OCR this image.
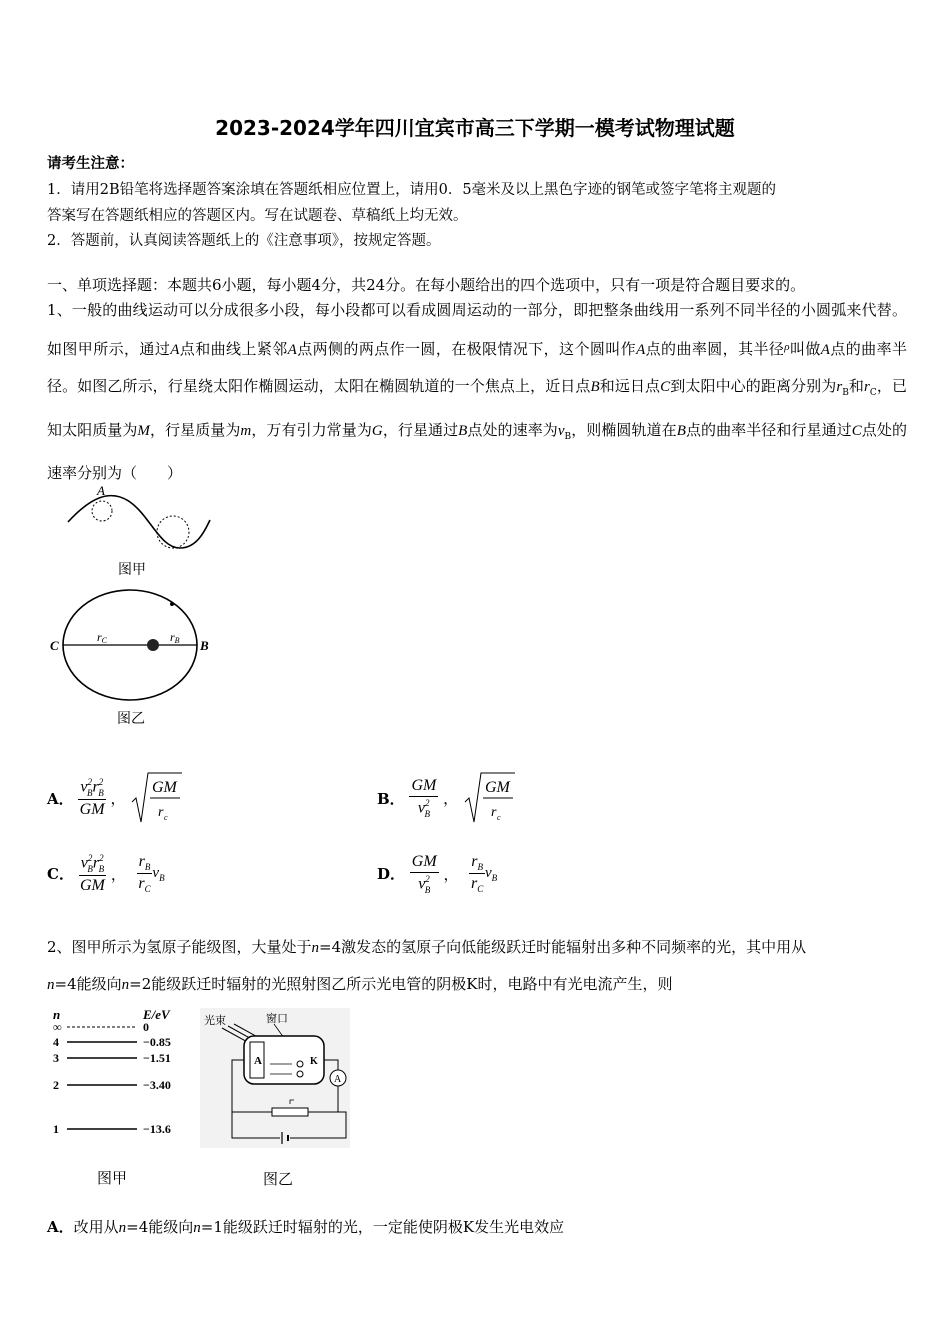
2023-2024学年四川宜宾市高三下学期一模考试物理试题
请考生注意：
1．请用2B铅笔将选择题答案涂填在答题纸相应位置上，请用0．5毫米及以上黑色字迹的钢笔或签字笔将主观题的
答案写在答题纸相应的答题区内。写在试题卷、草稿纸上均无效。
2．答题前，认真阅读答题纸上的《注意事项》，按规定答题。
一、单项选择题：本题共6小题，每小题4分，共24分。在每小题给出的四个选项中，只有一项是符合题目要求的。
1、一般的曲线运动可以分成很多小段，每小段都可以看成圆周运动的一部分，即把整条曲线用一系列不同半径的小圆弧来代替。如图甲所示，通过A点和曲线上紧邻A点两侧的两点作一圆，在极限情况下，这个圆叫作A点的曲率圆，其半径$^\rho$叫做A点的曲率半径。如图乙所示，行星绕太阳作椭圆运动，太阳在椭圆轨道的一个焦点上，近日点B和远日点C到太阳中心的距离分别为$r_B$和$r_C$，已知太阳质量为M，行星质量为m，万有引力常量为G，行星通过B点处的速率为$v_B$，则椭圆轨道在B点的曲率半径和行星通过C点处的速率分别为（　　）
A
图甲
C	B
rC	rB
图乙
A． $\frac{v^2_Br^2_B}{GM}$ ，
GM
r c
B． $\frac{GM}{v^2_B}$ ，
GM
r c
C． $\frac{v^2_Br^2_B}{GM}$ ， $\frac{r_B}{r_C} v_B$	D． $\frac{GM}{v^2_B}$ ， $\frac{r_B}{r_C} v_B$
2、图甲所示为氢原子能级图，大量处于n=4激发态的氢原子向低能级跃迁时能辐射出多种不同频率的光，其中用从
n=4能级向n=2能级跃迁时辐射的光照射图乙所示光电管的阴极K时，电路中有光电流产生，则
n	E/eV
∞	0
4	−0.85
3	−1.51
2	−3.40
1	−13.6
图甲
光束	窗口
A	K
A
图乙
A．改用从n=4能级向n=1能级跃迁时辐射的光，一定能使阴极K发生光电效应
